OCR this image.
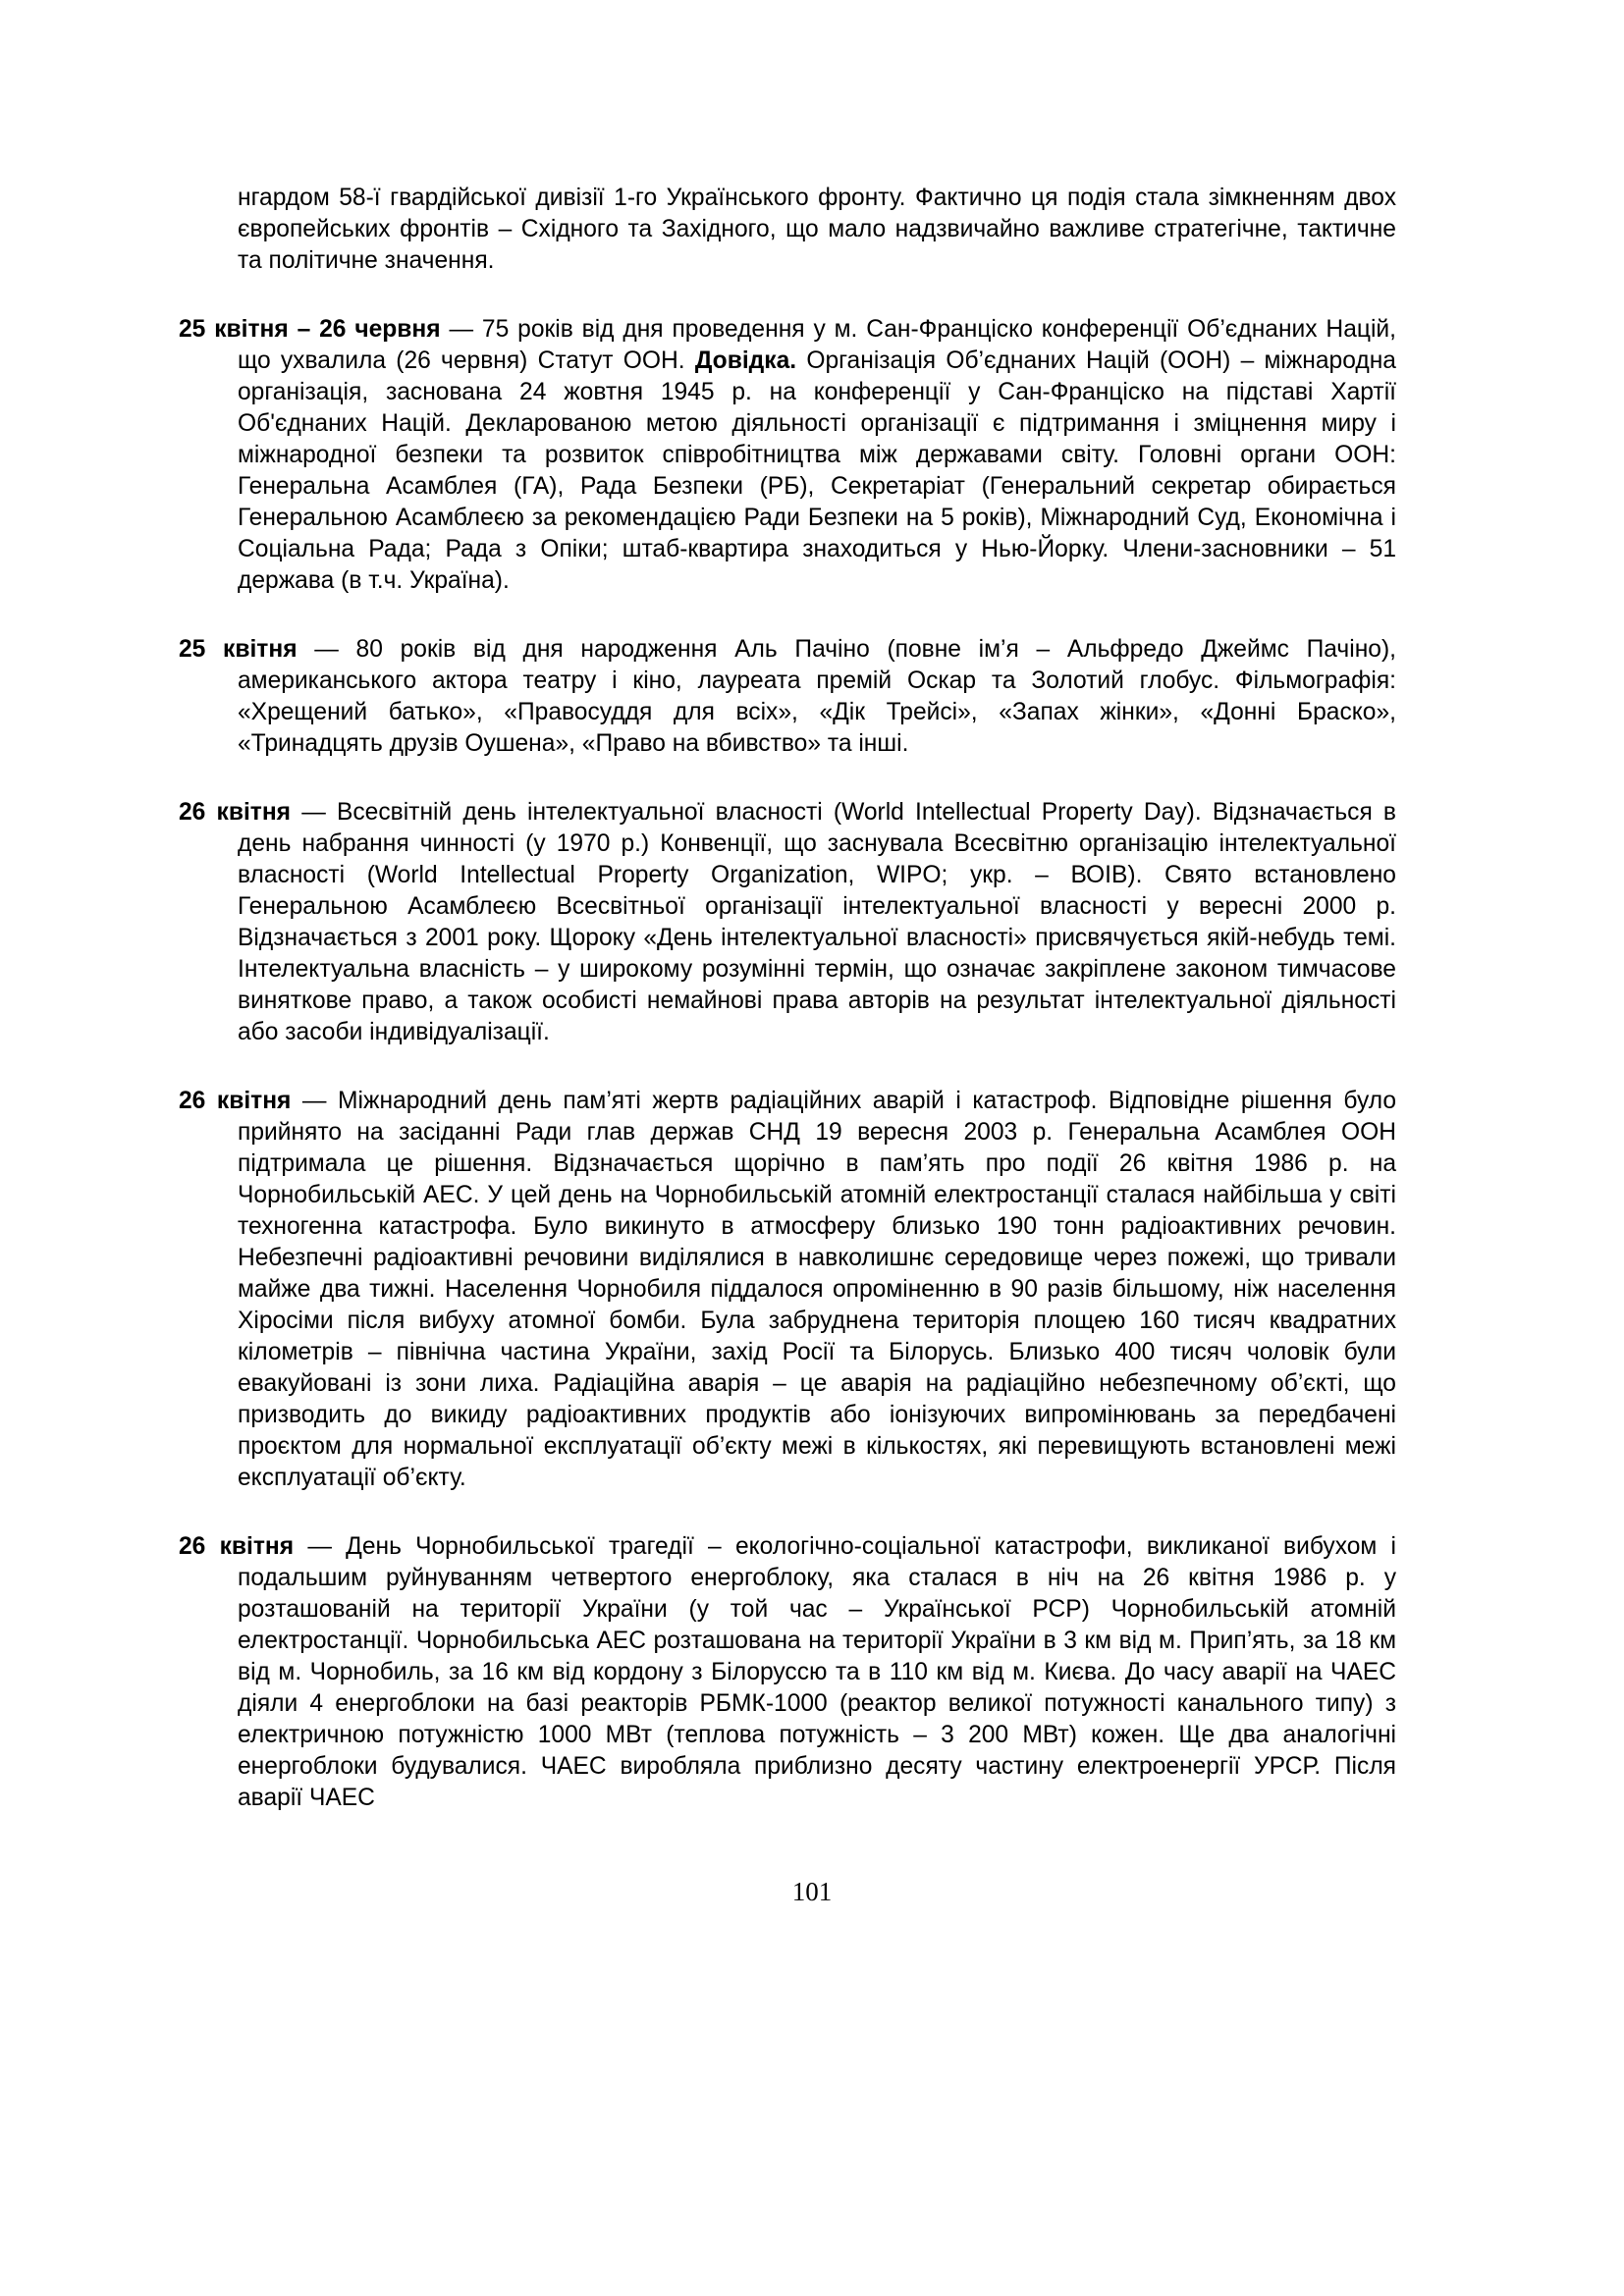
нгардом 58-ї гвардійської дивізії 1-го Українського фронту. Фактично ця подія стала зімкненням двох європейських фронтів – Східного та Західного, що мало надзвичайно важливе стратегічне, тактичне та політичне значення.

25 квітня – 26 червня — 75 років від дня проведення у м. Сан-Франціско конференції Об’єднаних Націй, що ухвалила (26 червня) Статут ООН. Довідка. Організація Об’єднаних Націй (ООН) – міжнародна організація, заснована 24 жовтня 1945 р. на конференції у Сан-Франціско на підставі Хартії Об'єднаних Націй. Декларованою метою діяльності організації є підтримання і зміцнення миру і міжнародної безпеки та розвиток співробітництва між державами світу. Головні органи ООН: Генеральна Асамблея (ГА), Рада Безпеки (РБ), Секретаріат (Генеральний секретар обирається Генеральною Асамблеєю за рекомендацією Ради Безпеки на 5 років), Міжнародний Суд, Економічна і Соціальна Рада; Рада з Опіки; штаб-квартира знаходиться у Нью-Йорку. Члени-засновники – 51 держава (в т.ч. Україна).

25 квітня — 80 років від дня народження Аль Пачіно (повне ім’я – Альфредо Джеймс Пачіно), американського актора театру і кіно, лауреата премій Оскар та Золотий глобус. Фільмографія: «Хрещений батько», «Правосуддя для всіх», «Дік Трейсі», «Запах жінки», «Донні Браско», «Тринадцять друзів Оушена», «Право на вбивство» та інші.

26 квітня — Всесвітній день інтелектуальної власності (World Intellectual Property Day). Відзначається в день набрання чинності (у 1970 р.) Конвенції, що заснувала Всесвітню організацію інтелектуальної власності (World Intellectual Property Organization, WIPO; укр. – ВОІВ). Свято встановлено Генеральною Асамблеєю Всесвітньої організації інтелектуальної власності у вересні 2000 р. Відзначається з 2001 року. Щороку «День інтелектуальної власності» присвячується якій-небудь темі. Інтелектуальна власність – у широкому розумінні термін, що означає закріплене законом тимчасове виняткове право, а також особисті немайнові права авторів на результат інтелектуальної діяльності або засоби індивідуалізації.

26 квітня — Міжнародний день пам’яті жертв радіаційних аварій і катастроф. Відповідне рішення було прийнято на засіданні Ради глав держав СНД 19 вересня 2003 р. Генеральна Асамблея ООН підтримала це рішення. Відзначається щорічно в пам’ять про події 26 квітня 1986 р. на Чорнобильській АЕС. У цей день на Чорнобильській атомній електростанції сталася найбільша у світі техногенна катастрофа. Було викинуто в атмосферу близько 190 тонн радіоактивних речовин. Небезпечні радіоактивні речовини виділялися в навколишнє середовище через пожежі, що тривали майже два тижні. Населення Чорнобиля піддалося опроміненню в 90 разів більшому, ніж населення Хіросіми після вибуху атомної бомби. Була забруднена територія площею 160 тисяч квадратних кілометрів – північна частина України, захід Росії та Білорусь. Близько 400 тисяч чоловік були евакуйовані із зони лиха. Радіаційна аварія – це аварія на радіаційно небезпечному об’єкті, що призводить до викиду радіоактивних продуктів або іонізуючих випромінювань за передбачені проєктом для нормальної експлуатації об’єкту межі в кількостях, які перевищують встановлені межі експлуатації об’єкту.

26 квітня — День Чорнобильської трагедії – екологічно-соціальної катастрофи, викликаної вибухом і подальшим руйнуванням четвертого енергоблоку, яка сталася в ніч на 26 квітня 1986 р. у розташованій на території України (у той час – Української РСР) Чорнобильській атомній електростанції. Чорнобильська АЕС розташована на території України в 3 км від м. Прип’ять, за 18 км від м. Чорнобиль, за 16 км від кордону з Білоруссю та в 110 км від м. Києва. До часу аварії на ЧАЕС діяли 4 енергоблоки на базі реакторів РБМК-1000 (реактор великої потужності канального типу) з електричною потужністю 1000 МВт (теплова потужність – 3 200 МВт) кожен. Ще два аналогічні енергоблоки будувалися. ЧАЕС виробляла приблизно десяту частину електроенергії УРСР. Після аварії ЧАЕС

101
